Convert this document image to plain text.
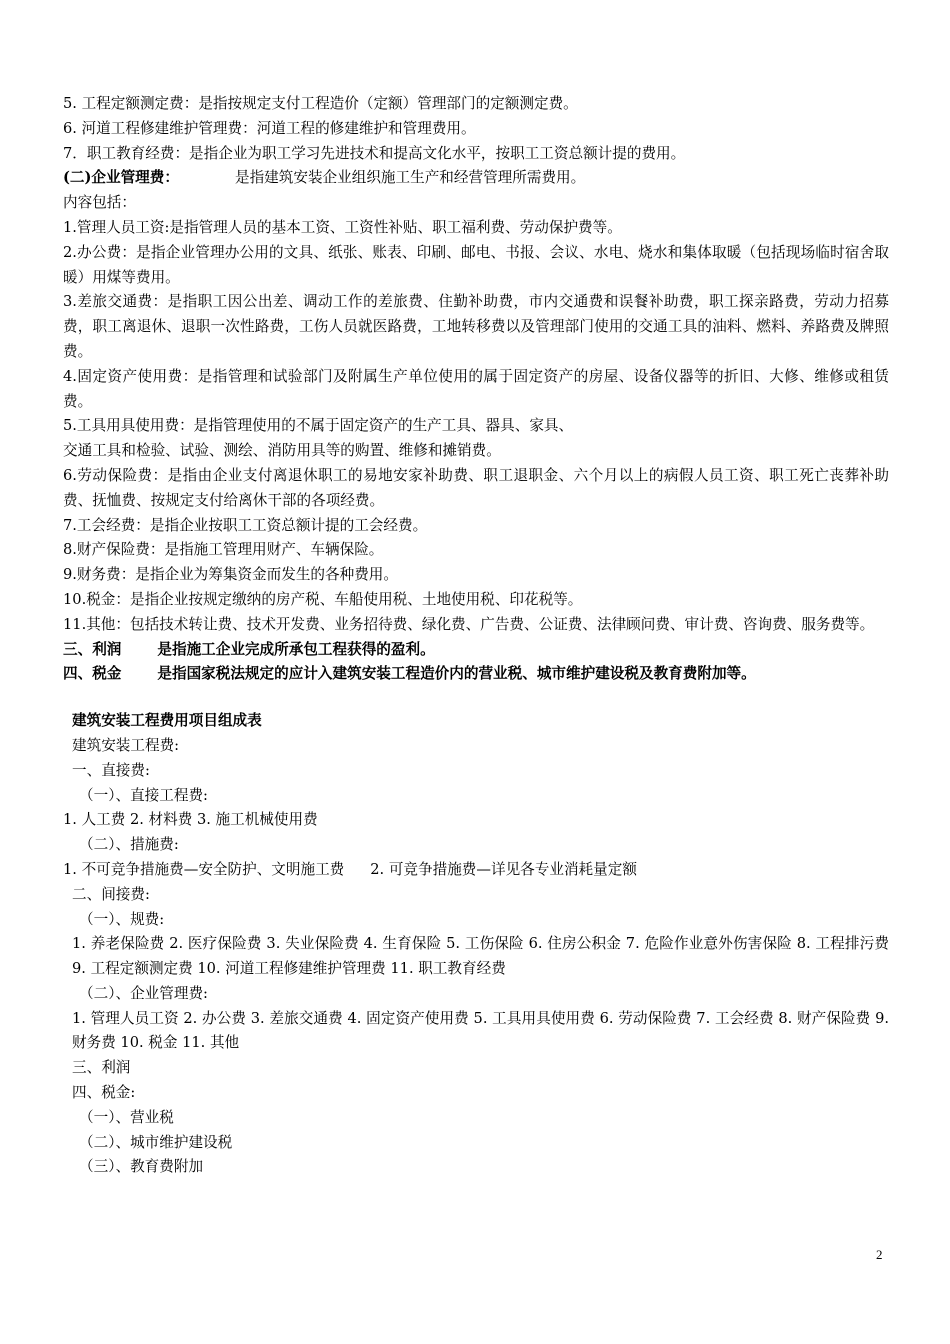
5. 工程定额测定费：是指按规定支付工程造价（定额）管理部门的定额测定费。

6. 河道工程修建维护管理费：河道工程的修建维护和管理费用。

7．职工教育经费：是指企业为职工学习先进技术和提高文化水平，按职工工资总额计提的费用。

(二)企业管理费：	是指建筑安装企业组织施工生产和经营管理所需费用。

内容包括：

1.管理人员工资:是指管理人员的基本工资、工资性补贴、职工福利费、劳动保护费等。

2.办公费：是指企业管理办公用的文具、纸张、账表、印刷、邮电、书报、会议、水电、烧水和集体取暖（包括现场临时宿舍取暖）用煤等费用。

3.差旅交通费：是指职工因公出差、调动工作的差旅费、住勤补助费，市内交通费和误餐补助费，职工探亲路费，劳动力招募费，职工离退休、退职一次性路费，工伤人员就医路费，工地转移费以及管理部门使用的交通工具的油料、燃料、养路费及牌照费。

4.固定资产使用费：是指管理和试验部门及附属生产单位使用的属于固定资产的房屋、设备仪器等的折旧、大修、维修或租赁费。

5.工具用具使用费：是指管理使用的不属于固定资产的生产工具、器具、家具、

交通工具和检验、试验、测绘、消防用具等的购置、维修和摊销费。

6.劳动保险费：是指由企业支付离退休职工的易地安家补助费、职工退职金、六个月以上的病假人员工资、职工死亡丧葬补助费、抚恤费、按规定支付给离休干部的各项经费。

7.工会经费：是指企业按职工工资总额计提的工会经费。

8.财产保险费：是指施工管理用财产、车辆保险。

9.财务费：是指企业为筹集资金而发生的各种费用。

10.税金：是指企业按规定缴纳的房产税、车船使用税、土地使用税、印花税等。

11.其他：包括技术转让费、技术开发费、业务招待费、绿化费、广告费、公证费、法律顾问费、审计费、咨询费、服务费等。

三、利润 是指施工企业完成所承包工程获得的盈利。

四、税金 是指国家税法规定的应计入建筑安装工程造价内的营业税、城市维护建设税及教育费附加等。

建筑安装工程费用项目组成表

建筑安装工程费:

一、直接费:

（一）、直接工程费:

1. 人工费 2. 材料费 3. 施工机械使用费

（二）、措施费:

1. 不可竞争措施费—安全防护、文明施工费 2. 可竞争措施费—详见各专业消耗量定额

二、间接费:

（一）、规费:

1. 养老保险费 2. 医疗保险费 3. 失业保险费 4. 生育保险 5. 工伤保险 6. 住房公积金 7. 危险作业意外伤害保险 8. 工程排污费 9. 工程定额测定费 10. 河道工程修建维护管理费 11. 职工教育经费

（二）、企业管理费:

1. 管理人员工资 2. 办公费 3. 差旅交通费 4. 固定资产使用费 5. 工具用具使用费 6. 劳动保险费 7. 工会经费 8. 财产保险费 9. 财务费 10. 税金 11. 其他

三、利润

四、税金:

（一）、营业税

（二）、城市维护建设税

（三）、教育费附加

2
